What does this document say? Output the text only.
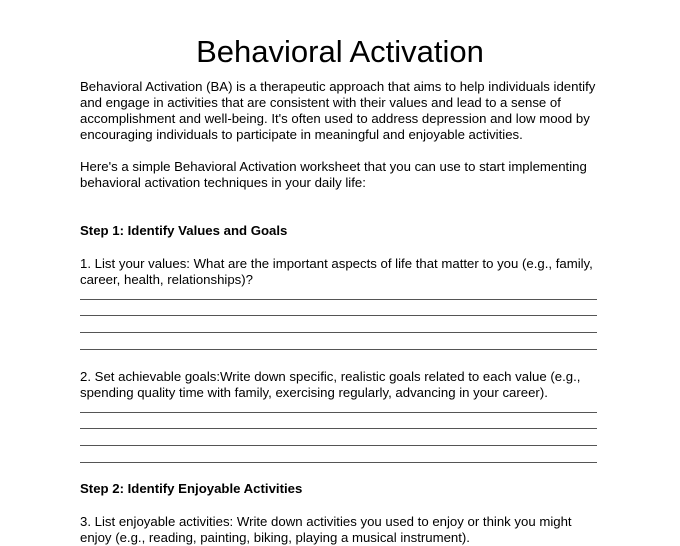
Behavioral Activation

Behavioral Activation (BA) is a therapeutic approach that aims to help individuals identify and engage in activities that are consistent with their values and lead to a sense of accomplishment and well-being. It's often used to address depression and low mood by encouraging individuals to participate in meaningful and enjoyable activities.

Here's a simple Behavioral Activation worksheet that you can use to start implementing behavioral activation techniques in your daily life:

Step 1: Identify Values and Goals

1. List your values: What are the important aspects of life that matter to you (e.g., family, career, health, relationships)?

2. Set achievable goals:Write down specific, realistic goals related to each value (e.g., spending quality time with family, exercising regularly, advancing in your career).

Step 2: Identify Enjoyable Activities

3. List enjoyable activities: Write down activities you used to enjoy or think you might enjoy (e.g., reading, painting, biking, playing a musical instrument).
